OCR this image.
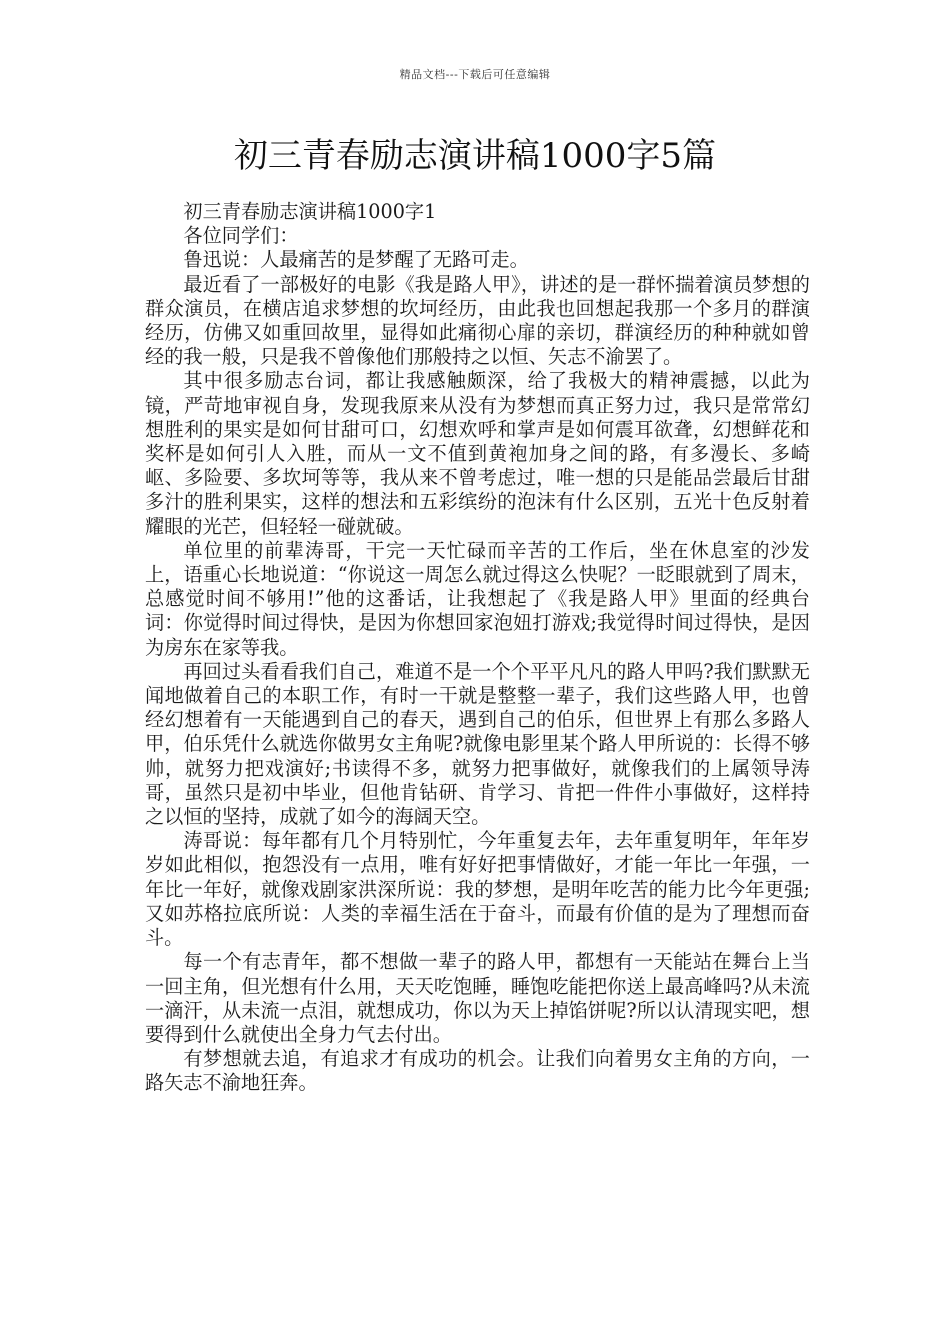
精品文档---下载后可任意编辑
初三青春励志演讲稿1000字5篇

初三青春励志演讲稿1000字1

各位同学们：

鲁迅说：人最痛苦的是梦醒了无路可走。

最近看了一部极好的电影《我是路人甲》，讲述的是一群怀揣着演员梦想的群众演员，在横店追求梦想的坎坷经历，由此我也回想起我那一个多月的群演经历，仿佛又如重回故里，显得如此痛彻心扉的亲切，群演经历的种种就如曾经的我一般，只是我不曾像他们那般持之以恒、矢志不渝罢了。

其中很多励志台词，都让我感触颇深，给了我极大的精神震撼，以此为镜，严苛地审视自身，发现我原来从没有为梦想而真正努力过，我只是常常幻想胜利的果实是如何甘甜可口，幻想欢呼和掌声是如何震耳欲聋，幻想鲜花和奖杯是如何引人入胜，而从一文不值到黄袍加身之间的路，有多漫长、多崎岖、多险要、多坎坷等等，我从来不曾考虑过，唯一想的只是能品尝最后甘甜多汁的胜利果实，这样的想法和五彩缤纷的泡沫有什么区别，五光十色反射着耀眼的光芒，但轻轻一碰就破。

单位里的前辈涛哥，干完一天忙碌而辛苦的工作后，坐在休息室的沙发上，语重心长地说道：“你说这一周怎么就过得这么快呢？一眨眼就到了周末，总感觉时间不够用!”他的这番话，让我想起了《我是路人甲》里面的经典台词：你觉得时间过得快，是因为你想回家泡妞打游戏;我觉得时间过得快，是因为房东在家等我。

再回过头看看我们自己，难道不是一个个平平凡凡的路人甲吗?我们默默无闻地做着自己的本职工作，有时一干就是整整一辈子，我们这些路人甲，也曾经幻想着有一天能遇到自己的春天，遇到自己的伯乐，但世界上有那么多路人甲，伯乐凭什么就选你做男女主角呢?就像电影里某个路人甲所说的：长得不够帅，就努力把戏演好;书读得不多，就努力把事做好，就像我们的上属领导涛哥，虽然只是初中毕业，但他肯钻研、肯学习、肯把一件件小事做好，这样持之以恒的坚持，成就了如今的海阔天空。

涛哥说：每年都有几个月特别忙，今年重复去年，去年重复明年，年年岁岁如此相似，抱怨没有一点用，唯有好好把事情做好，才能一年比一年强，一年比一年好，就像戏剧家洪深所说：我的梦想，是明年吃苦的能力比今年更强;又如苏格拉底所说：人类的幸福生活在于奋斗，而最有价值的是为了理想而奋斗。

每一个有志青年，都不想做一辈子的路人甲，都想有一天能站在舞台上当一回主角，但光想有什么用，天天吃饱睡，睡饱吃能把你送上最高峰吗?从未流一滴汗，从未流一点泪，就想成功，你以为天上掉馅饼呢?所以认清现实吧，想要得到什么就使出全身力气去付出。

有梦想就去追，有追求才有成功的机会。让我们向着男女主角的方向，一路矢志不渝地狂奔。
